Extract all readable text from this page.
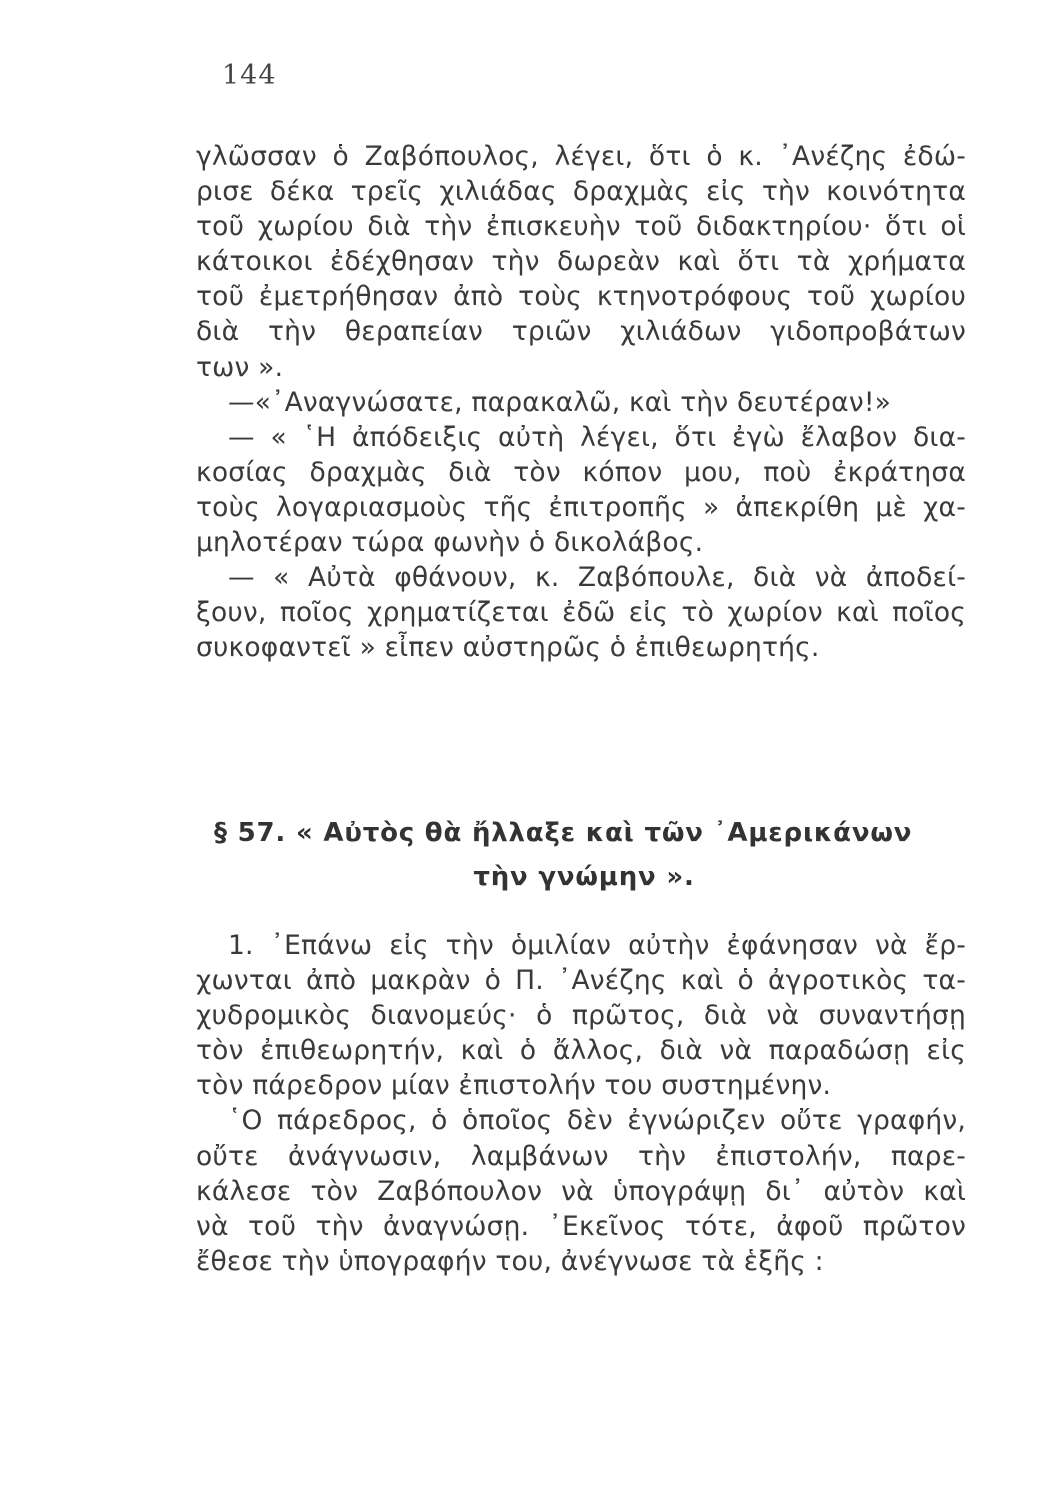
144
γλῶσσαν ὁ Ζαβόπουλος, λέγει, ὅτι ὁ κ. ᾿Ανέζης ἐδώ-
ρισε δέκα τρεῖς χιλιάδας δραχμὰς εἰς τὴν κοινότητα
τοῦ χωρίου διὰ τὴν ἐπισκευὴν τοῦ διδακτηρίου· ὅτι οἱ
κάτοικοι ἐδέχθησαν τὴν δωρεὰν καὶ ὅτι τὰ χρήματα
τοῦ ἐμετρήθησαν ἀπὸ τοὺς κτηνοτρόφους τοῦ χωρίου
διὰ τὴν θεραπείαν τριῶν χιλιάδων γιδοπροβάτων
των ».
—«᾿Αναγνώσατε, παρακαλῶ, καὶ τὴν δευτέραν!»
— « ῾Η ἀπόδειξις αὐτὴ λέγει, ὅτι ἐγὼ ἔλαβον δια-
κοσίας δραχμὰς διὰ τὸν κόπον μου, ποὺ ἐκράτησα
τοὺς λογαριασμοὺς τῆς ἐπιτροπῆς » ἀπεκρίθη μὲ χα-
μηλοτέραν τώρα φωνὴν ὁ δικολάβος.
— « Αὐτὰ φθάνουν, κ. Ζαβόπουλε, διὰ νὰ ἀποδεί-
ξουν, ποῖος χρηματίζεται ἐδῶ εἰς τὸ χωρίον καὶ ποῖος
συκοφαντεῖ » εἶπεν αὐστηρῶς ὁ ἐπιθεωρητής.
§ 57. « Αὐτὸς θὰ ἤλλαξε καὶ τῶν ᾿Αμερικάνων
τὴν γνώμην ».
1. ᾿Επάνω εἰς τὴν ὁμιλίαν αὐτὴν ἐφάνησαν νὰ ἔρ-
χωνται ἀπὸ μακρὰν ὁ Π. ᾿Ανέζης καὶ ὁ ἀγροτικὸς τα-
χυδρομικὸς διανομεύς· ὁ πρῶτος, διὰ νὰ συναντήσῃ
τὸν ἐπιθεωρητήν, καὶ ὁ ἄλλος, διὰ νὰ παραδώσῃ εἰς
τὸν πάρεδρον μίαν ἐπιστολήν του συστημένην.
῾Ο πάρεδρος, ὁ ὁποῖος δὲν ἐγνώριζεν οὔτε γραφήν,
οὔτε ἀνάγνωσιν, λαμβάνων τὴν ἐπιστολήν, παρε-
κάλεσε τὸν Ζαβόπουλον νὰ ὑπογράψῃ δι᾿ αὐτὸν καὶ
νὰ τοῦ τὴν ἀναγνώσῃ. ᾿Εκεῖνος τότε, ἀφοῦ πρῶτον
ἔθεσε τὴν ὑπογραφήν του, ἀνέγνωσε τὰ ἑξῆς :
